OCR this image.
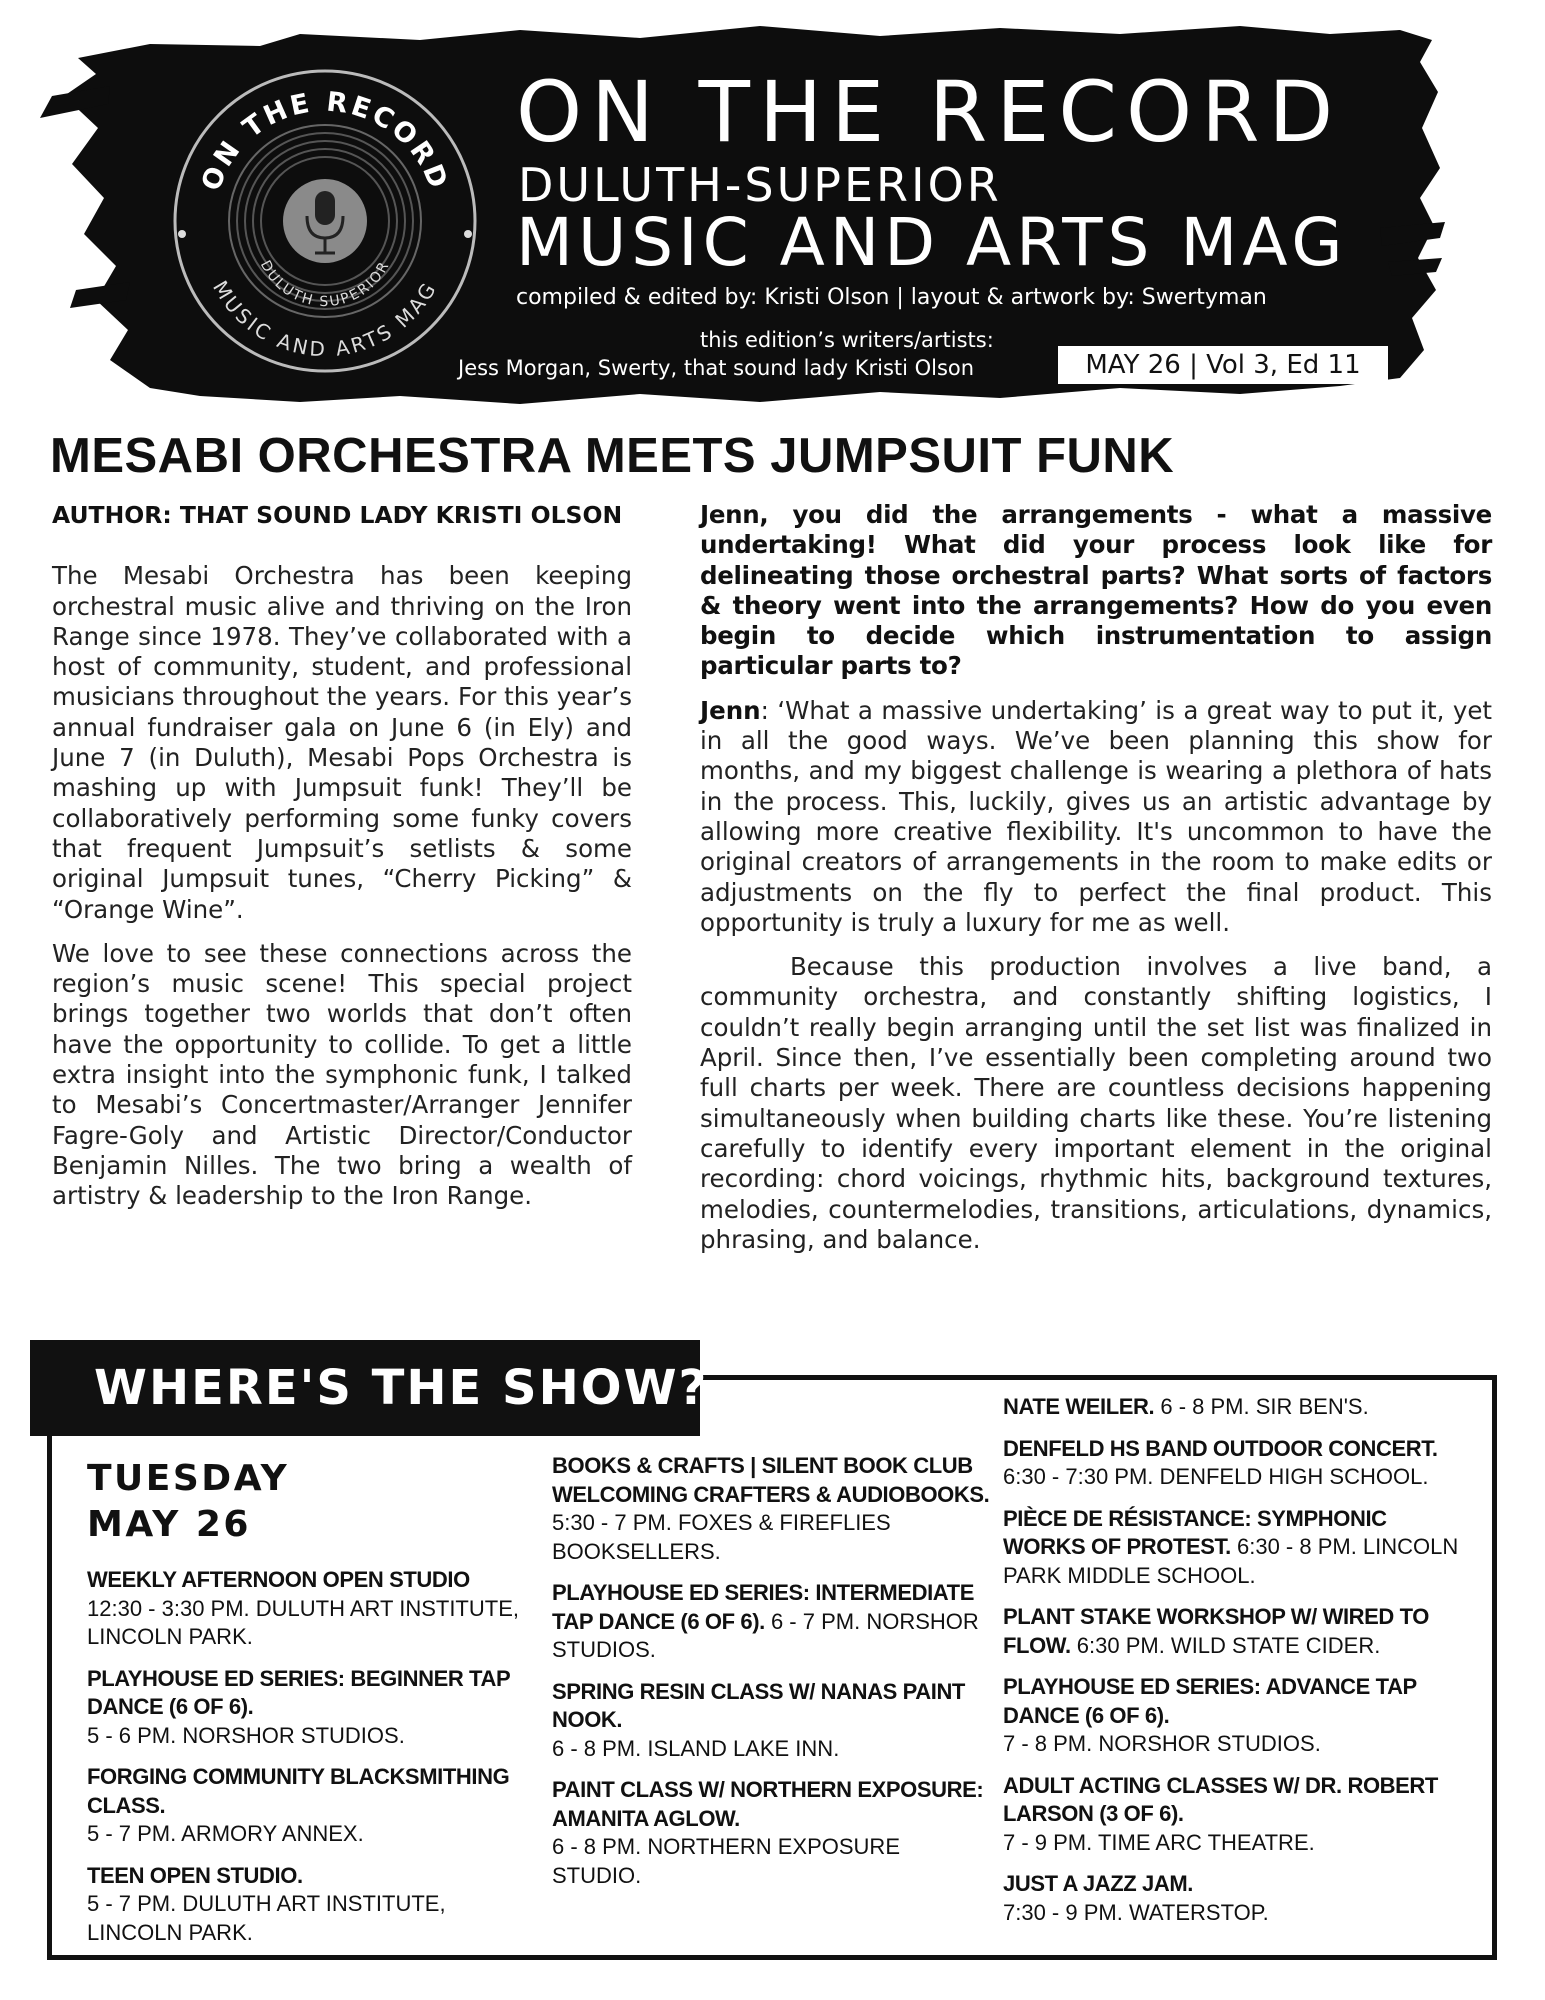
ON THE RECORD
DULUTH SUPERIOR
MUSIC AND ARTS MAG
ON THE RECORD
DULUTH-SUPERIOR
MUSIC AND ARTS MAG
compiled & edited by: Kristi Olson | layout & artwork by: Swertyman
this edition’s writers/artists:
Jess Morgan, Swerty, that sound lady Kristi Olson	MAY 26 | Vol 3, Ed 11
MESABI ORCHESTRA MEETS JUMPSUIT FUNK
AUTHOR: THAT SOUND LADY KRISTI OLSON

The Mesabi Orchestra has been keeping orchestral music alive and thriving on the Iron Range since 1978. They’ve collaborated with a host of community, student, and professional musicians throughout the years. For this year’s annual fundraiser gala on June 6 (in Ely) and June 7 (in Duluth), Mesabi Pops Orchestra is mashing up with Jumpsuit funk! They’ll be collaboratively performing some funky covers that frequent Jumpsuit’s setlists & some original Jumpsuit tunes, “Cherry Picking” & “Orange Wine”.

We love to see these connections across the region’s music scene! This special project brings together two worlds that don’t often have the opportunity to collide. To get a little extra insight into the symphonic funk, I talked to Mesabi’s Concertmaster/Arranger Jennifer Fagre-Goly and Artistic Director/Conductor Benjamin Nilles. The two bring a wealth of artistry & leadership to the Iron Range.

Jenn, you did the arrangements - what a massive undertaking! What did your process look like for delineating those orchestral parts? What sorts of factors & theory went into the arrangements? How do you even begin to decide which instrumentation to assign particular parts to?

Jenn: ‘What a massive undertaking’ is a great way to put it, yet in all the good ways. We’ve been planning this show for months, and my biggest challenge is wearing a plethora of hats in the process. This, luckily, gives us an artistic advantage by allowing more creative flexibility. It's uncommon to have the original creators of arrangements in the room to make edits or adjustments on the fly to perfect the final product. This opportunity is truly a luxury for me as well.

Because this production involves a live band, a community orchestra, and constantly shifting logistics, I couldn’t really begin arranging until the set list was finalized in April. Since then, I’ve essentially been completing around two full charts per week. There are countless decisions happening simultaneously when building charts like these. You’re listening carefully to identify every important element in the original recording: chord voicings, rhythmic hits, background textures, melodies, countermelodies, transitions, articulations, dynamics, phrasing, and balance.

WHERE'S THE SHOW?
TUESDAY
MAY 26
WEEKLY AFTERNOON OPEN STUDIO
12:30 - 3:30 PM. DULUTH ART INSTITUTE, LINCOLN PARK.
PLAYHOUSE ED SERIES: BEGINNER TAP DANCE (6 OF 6).
5 - 6 PM. NORSHOR STUDIOS.
FORGING COMMUNITY BLACKSMITHING CLASS.
5 - 7 PM. ARMORY ANNEX.
TEEN OPEN STUDIO.
5 - 7 PM. DULUTH ART INSTITUTE, LINCOLN PARK.
BOOKS & CRAFTS | SILENT BOOK CLUB WELCOMING CRAFTERS & AUDIOBOOKS. 5:30 - 7 PM. FOXES & FIREFLIES BOOKSELLERS.
PLAYHOUSE ED SERIES: INTERMEDIATE TAP DANCE (6 OF 6). 6 - 7 PM. NORSHOR STUDIOS.
SPRING RESIN CLASS W/ NANAS PAINT NOOK.
6 - 8 PM. ISLAND LAKE INN.
PAINT CLASS W/ NORTHERN EXPOSURE: AMANITA AGLOW.
6 - 8 PM. NORTHERN EXPOSURE STUDIO.
NATE WEILER. 6 - 8 PM. SIR BEN'S.
DENFELD HS BAND OUTDOOR CONCERT. 6:30 - 7:30 PM. DENFELD HIGH SCHOOL.
PIÈCE DE RÉSISTANCE: SYMPHONIC WORKS OF PROTEST. 6:30 - 8 PM. LINCOLN PARK MIDDLE SCHOOL.
PLANT STAKE WORKSHOP W/ WIRED TO FLOW. 6:30 PM. WILD STATE CIDER.
PLAYHOUSE ED SERIES: ADVANCE TAP DANCE (6 OF 6).
7 - 8 PM. NORSHOR STUDIOS.
ADULT ACTING CLASSES W/ DR. ROBERT LARSON (3 OF 6).
7 - 9 PM. TIME ARC THEATRE.
JUST A JAZZ JAM.
7:30 - 9 PM. WATERSTOP.
